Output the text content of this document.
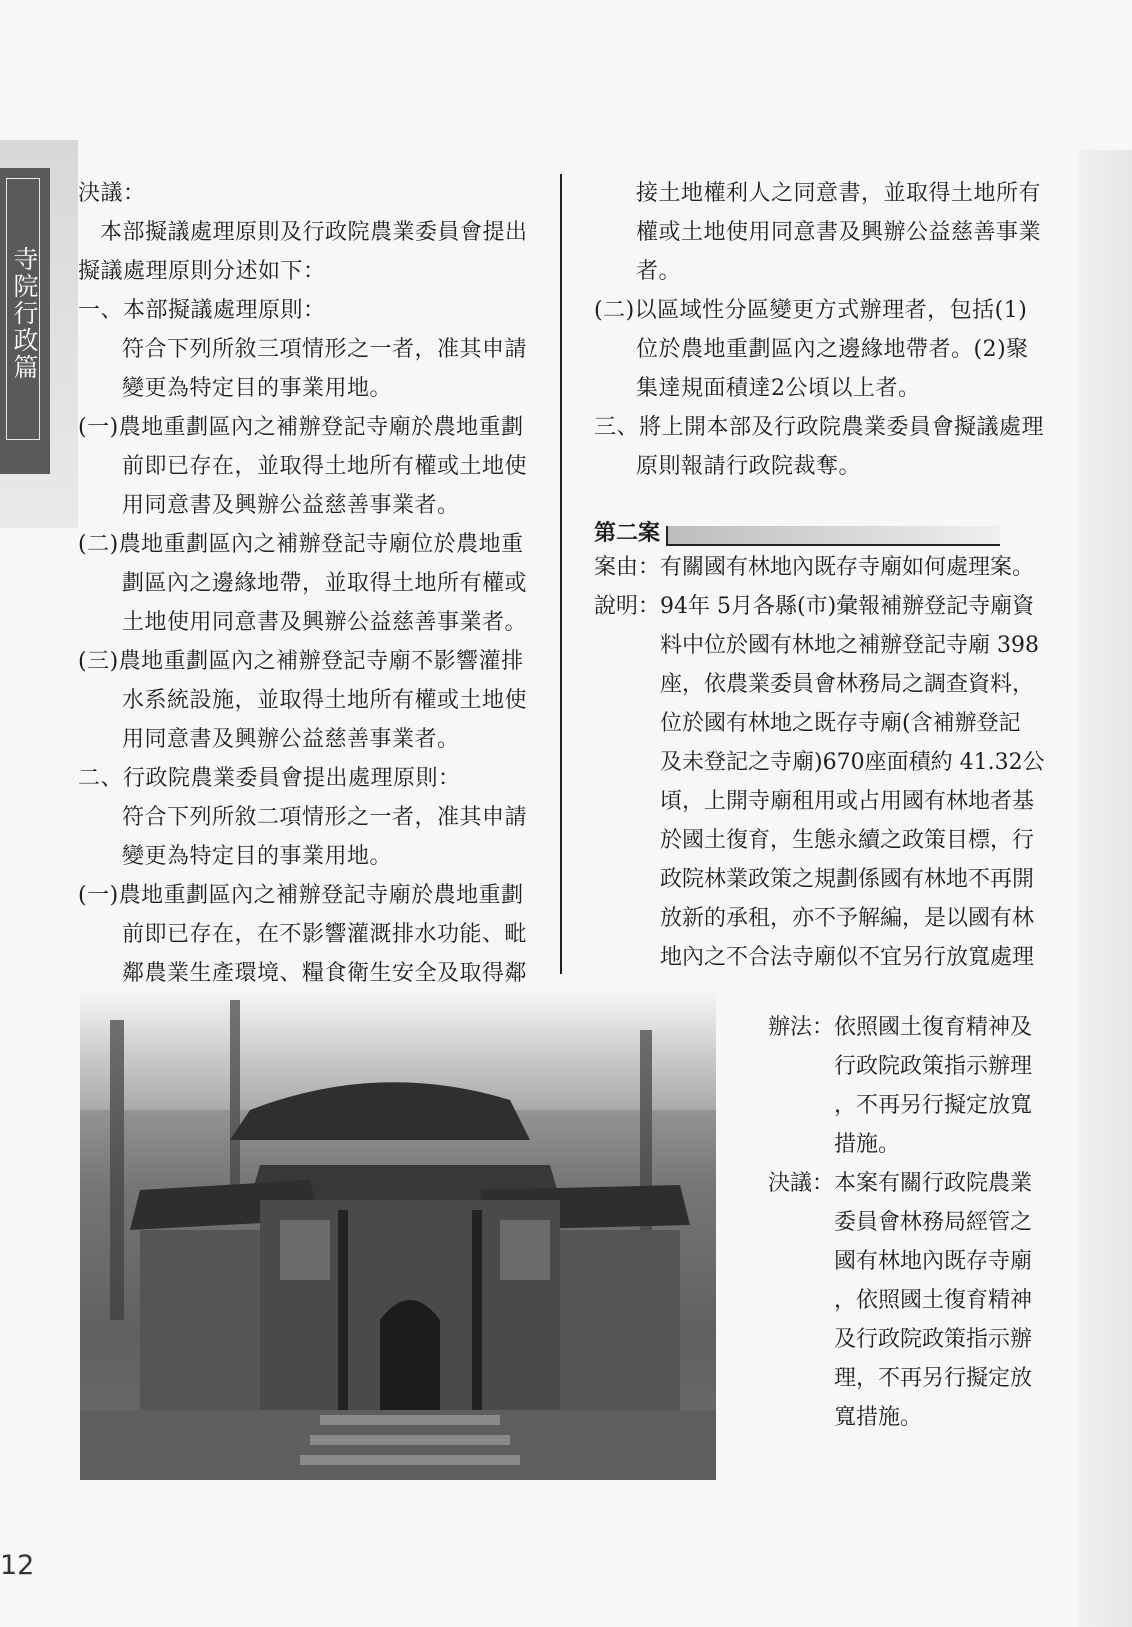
寺院行政篇

決議：

本部擬議處理原則及行政院農業委員會提出

擬議處理原則分述如下：

一、本部擬議處理原則：

符合下列所敘三項情形之一者，准其申請

變更為特定目的事業用地。

(一)農地重劃區內之補辦登記寺廟於農地重劃

前即已存在，並取得土地所有權或土地使

用同意書及興辦公益慈善事業者。

(二)農地重劃區內之補辦登記寺廟位於農地重

劃區內之邊緣地帶，並取得土地所有權或

土地使用同意書及興辦公益慈善事業者。

(三)農地重劃區內之補辦登記寺廟不影響灌排

水系統設施，並取得土地所有權或土地使

用同意書及興辦公益慈善事業者。

二、行政院農業委員會提出處理原則：

符合下列所敘二項情形之一者，准其申請

變更為特定目的事業用地。

(一)農地重劃區內之補辦登記寺廟於農地重劃

前即已存在，在不影響灌溉排水功能、毗

鄰農業生產環境、糧食衛生安全及取得鄰

接土地權利人之同意書，並取得土地所有

權或土地使用同意書及興辦公益慈善事業

者。

(二)以區域性分區變更方式辦理者，包括(1)

位於農地重劃區內之邊緣地帶者。(2)聚

集達規面積達2公頃以上者。

三、將上開本部及行政院農業委員會擬議處理

原則報請行政院裁奪。

第二案
案由： 有關國有林地內既存寺廟如何處理案。
說明： 94年 5月各縣(市)彙報補辦登記寺廟資

料中位於國有林地之補辦登記寺廟 398

座，依農業委員會林務局之調查資料，

位於國有林地之既存寺廟(含補辦登記

及未登記之寺廟)670座面積約 41.32公

頃，上開寺廟租用或占用國有林地者基

於國土復育，生態永續之政策目標，行

政院林業政策之規劃係國有林地不再開

放新的承租，亦不予解編，是以國有林

地內之不合法寺廟似不宜另行放寬處理

辦法： 依照國土復育精神及

行政院政策指示辦理

，不再另行擬定放寬

措施。

決議： 本案有關行政院農業

委員會林務局經管之

國有林地內既存寺廟

，依照國土復育精神

及行政院政策指示辦

理，不再另行擬定放

寬措施。

12
